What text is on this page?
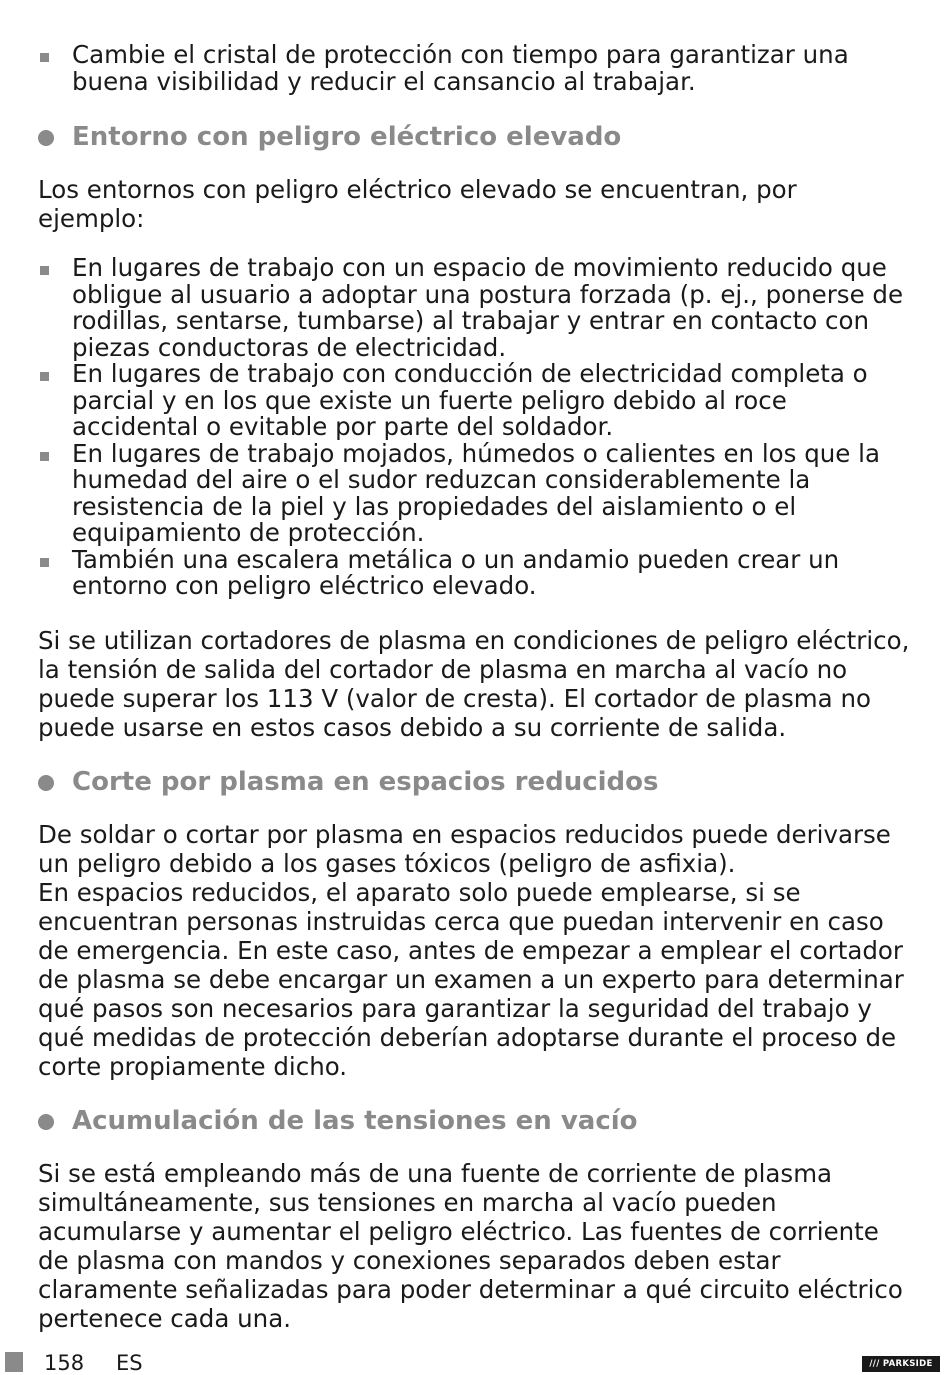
Cambie el cristal de protección con tiempo para garantizar una buena visibilidad y reducir el cansancio al trabajar.
Entorno con peligro eléctrico elevado

Los entornos con peligro eléctrico elevado se encuentran, por ejemplo:

En lugares de trabajo con un espacio de movimiento reducido que obligue al usuario a adoptar una postura forzada (p. ej., ponerse de rodillas, sentarse, tumbarse) al trabajar y entrar en contacto con piezas conductoras de electricidad.
En lugares de trabajo con conducción de electricidad completa o parcial y en los que existe un fuerte peligro debido al roce accidental o evitable por parte del soldador.
En lugares de trabajo mojados, húmedos o calientes en los que la humedad del aire o el sudor reduzcan considerablemente la resistencia de la piel y las propiedades del aislamiento o el equipamiento de protección.
También una escalera metálica o un andamio pueden crear un entorno con peligro eléctrico elevado.

Si se utilizan cortadores de plasma en condiciones de peligro eléctrico, la tensión de salida del cortador de plasma en marcha al vacío no puede superar los 113 V (valor de cresta). El cortador de plasma no puede usarse en estos casos debido a su corriente de salida.

Corte por plasma en espacios reducidos

De soldar o cortar por plasma en espacios reducidos puede derivarse un peligro debido a los gases tóxicos (peligro de asfixia).

En espacios reducidos, el aparato solo puede emplearse, si se encuentran personas instruidas cerca que puedan intervenir en caso de emergencia. En este caso, antes de empezar a emplear el cortador de plasma se debe encargar un examen a un experto para determinar qué pasos son necesarios para garantizar la seguridad del trabajo y qué medidas de protección deberían adoptarse durante el proceso de corte propiamente dicho.

Acumulación de las tensiones en vacío

Si se está empleando más de una fuente de corriente de plasma simultáneamente, sus tensiones en marcha al vacío pueden acumularse y aumentar el peligro eléctrico. Las fuentes de corriente de plasma con mandos y conexiones separados deben estar claramente señalizadas para poder determinar a qué circuito eléctrico pertenece cada una.

158 ES	/// PARKSIDE
